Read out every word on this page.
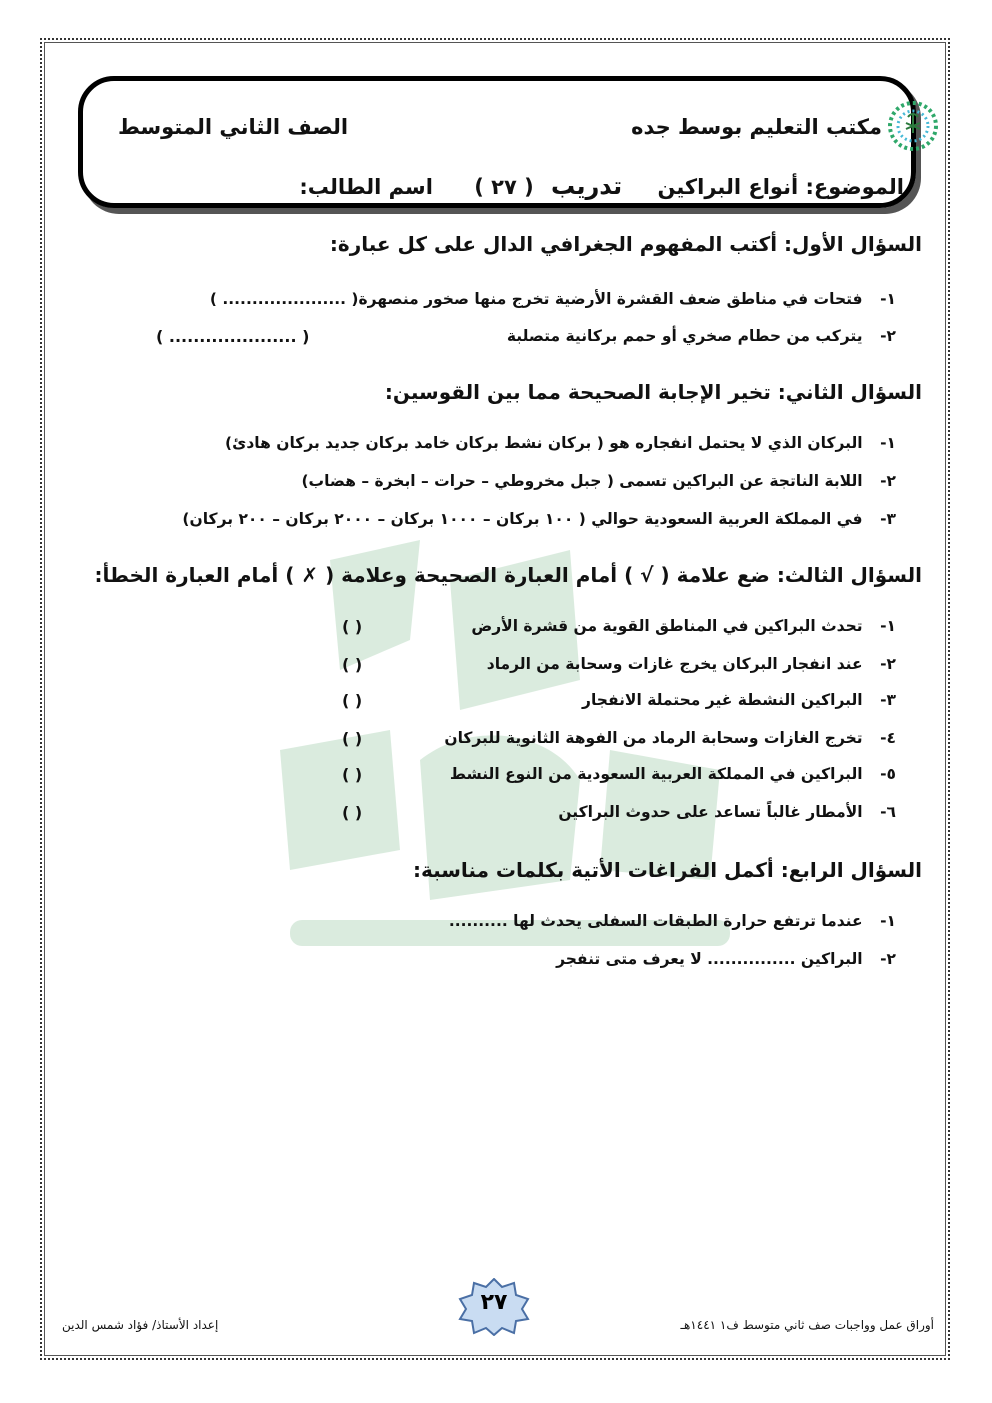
مكتب التعليم بوسط جده
الصف الثاني المتوسط
الموضوع: أنواع البراكين تدريب ( ٢٧ ) اسم الطالب:
السؤال الأول: أكتب المفهوم الجغرافي الدال على كل عبارة:
١- فتحات في مناطق ضعف القشرة الأرضية تخرج منها صخور منصهرة( ..................... )
٢- يتركب من حطام صخري أو حمم بركانية متصلبة
( ..................... )
السؤال الثاني: تخير الإجابة الصحيحة مما بين القوسين:
١- البركان الذي لا يحتمل انفجاره هو ( بركان نشط بركان خامد بركان جديد بركان هادئ)
٢- اللابة الناتجة عن البراكين تسمى ( جبل مخروطي – حرات – ابخرة – هضاب)
٣- في المملكة العربية السعودية حوالي ( ١٠٠ بركان – ١٠٠٠ بركان – ٢٠٠٠ بركان – ٢٠٠ بركان)
السؤال الثالث: ضع علامة ( √ ) أمام العبارة الصحيحة وعلامة ( ✗ ) أمام العبارة الخطأ:
١- تحدث البراكين في المناطق القوية من قشرة الأرض
( )
٢- عند انفجار البركان يخرج غازات وسحابة من الرماد
( )
٣- البراكين النشطة غير محتملة الانفجار
( )
٤- تخرج الغازات وسحابة الرماد من الفوهة الثانوية للبركان
( )
٥- البراكين في المملكة العربية السعودية من النوع النشط
( )
٦- الأمطار غالباً تساعد على حدوث البراكين
( )
السؤال الرابع: أكمل الفراغات الأتية بكلمات مناسبة:
١- عندما ترتفع حرارة الطبقات السفلى يحدث لها ..........
٢- البراكين ............... لا يعرف متى تنفجر
٢٧
أوراق عمل وواجبات صف ثاني متوسط ف١ ١٤٤١هـ
إعداد الأستاذ/ فؤاد شمس الدين
